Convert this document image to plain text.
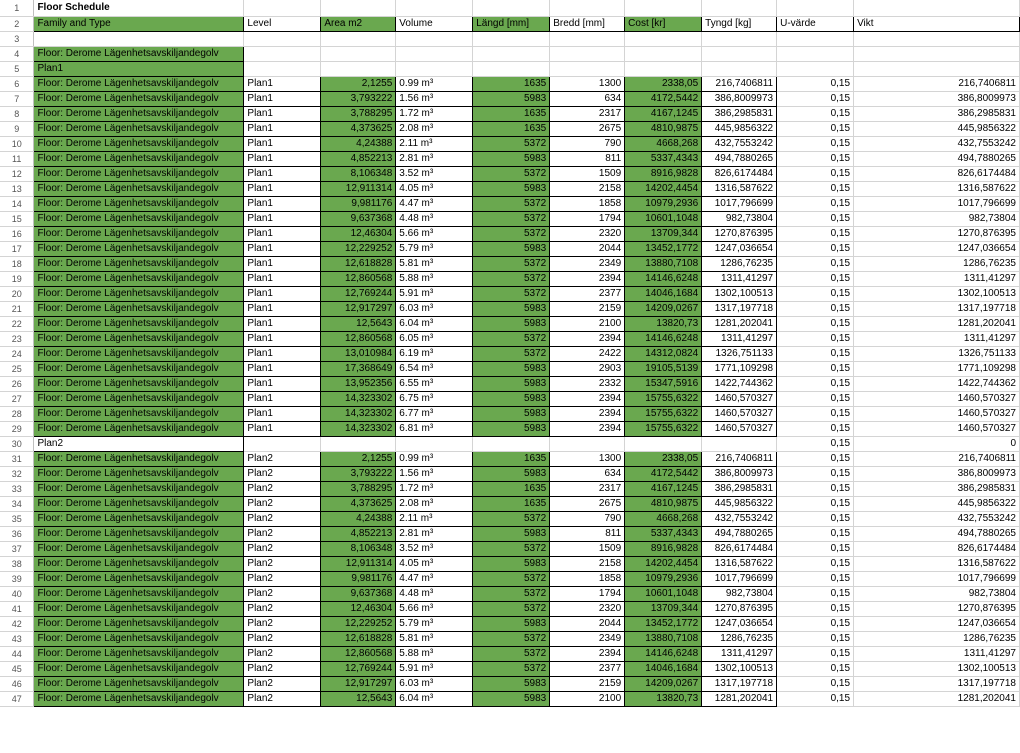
1	Floor Schedule									
2	Family and Type	Level	Area m2	Volume	Längd [mm]	Bredd [mm]	Cost [kr]	Tyngd [kg]	U-värde	Vikt
3										
4	Floor: Derome Lägenhetsavskiljandegolv									
5	Plan1									
6	Floor: Derome Lägenhetsavskiljandegolv	Plan1	2,1255	0.99 m³	1635	1300	2338,05	216,7406811	0,15	216,7406811
7	Floor: Derome Lägenhetsavskiljandegolv	Plan1	3,793222	1.56 m³	5983	634	4172,5442	386,8009973	0,15	386,8009973
8	Floor: Derome Lägenhetsavskiljandegolv	Plan1	3,788295	1.72 m³	1635	2317	4167,1245	386,2985831	0,15	386,2985831
9	Floor: Derome Lägenhetsavskiljandegolv	Plan1	4,373625	2.08 m³	1635	2675	4810,9875	445,9856322	0,15	445,9856322
10	Floor: Derome Lägenhetsavskiljandegolv	Plan1	4,24388	2.11 m³	5372	790	4668,268	432,7553242	0,15	432,7553242
11	Floor: Derome Lägenhetsavskiljandegolv	Plan1	4,852213	2.81 m³	5983	811	5337,4343	494,7880265	0,15	494,7880265
12	Floor: Derome Lägenhetsavskiljandegolv	Plan1	8,106348	3.52 m³	5372	1509	8916,9828	826,6174484	0,15	826,6174484
13	Floor: Derome Lägenhetsavskiljandegolv	Plan1	12,911314	4.05 m³	5983	2158	14202,4454	1316,587622	0,15	1316,587622
14	Floor: Derome Lägenhetsavskiljandegolv	Plan1	9,981176	4.47 m³	5372	1858	10979,2936	1017,796699	0,15	1017,796699
15	Floor: Derome Lägenhetsavskiljandegolv	Plan1	9,637368	4.48 m³	5372	1794	10601,1048	982,73804	0,15	982,73804
16	Floor: Derome Lägenhetsavskiljandegolv	Plan1	12,46304	5.66 m³	5372	2320	13709,344	1270,876395	0,15	1270,876395
17	Floor: Derome Lägenhetsavskiljandegolv	Plan1	12,229252	5.79 m³	5983	2044	13452,1772	1247,036654	0,15	1247,036654
18	Floor: Derome Lägenhetsavskiljandegolv	Plan1	12,618828	5.81 m³	5372	2349	13880,7108	1286,76235	0,15	1286,76235
19	Floor: Derome Lägenhetsavskiljandegolv	Plan1	12,860568	5.88 m³	5372	2394	14146,6248	1311,41297	0,15	1311,41297
20	Floor: Derome Lägenhetsavskiljandegolv	Plan1	12,769244	5.91 m³	5372	2377	14046,1684	1302,100513	0,15	1302,100513
21	Floor: Derome Lägenhetsavskiljandegolv	Plan1	12,917297	6.03 m³	5983	2159	14209,0267	1317,197718	0,15	1317,197718
22	Floor: Derome Lägenhetsavskiljandegolv	Plan1	12,5643	6.04 m³	5983	2100	13820,73	1281,202041	0,15	1281,202041
23	Floor: Derome Lägenhetsavskiljandegolv	Plan1	12,860568	6.05 m³	5372	2394	14146,6248	1311,41297	0,15	1311,41297
24	Floor: Derome Lägenhetsavskiljandegolv	Plan1	13,010984	6.19 m³	5372	2422	14312,0824	1326,751133	0,15	1326,751133
25	Floor: Derome Lägenhetsavskiljandegolv	Plan1	17,368649	6.54 m³	5983	2903	19105,5139	1771,109298	0,15	1771,109298
26	Floor: Derome Lägenhetsavskiljandegolv	Plan1	13,952356	6.55 m³	5983	2332	15347,5916	1422,744362	0,15	1422,744362
27	Floor: Derome Lägenhetsavskiljandegolv	Plan1	14,323302	6.75 m³	5983	2394	15755,6322	1460,570327	0,15	1460,570327
28	Floor: Derome Lägenhetsavskiljandegolv	Plan1	14,323302	6.77 m³	5983	2394	15755,6322	1460,570327	0,15	1460,570327
29	Floor: Derome Lägenhetsavskiljandegolv	Plan1	14,323302	6.81 m³	5983	2394	15755,6322	1460,570327	0,15	1460,570327
30	Plan2								0,15	0
31	Floor: Derome Lägenhetsavskiljandegolv	Plan2	2,1255	0.99 m³	1635	1300	2338,05	216,7406811	0,15	216,7406811
32	Floor: Derome Lägenhetsavskiljandegolv	Plan2	3,793222	1.56 m³	5983	634	4172,5442	386,8009973	0,15	386,8009973
33	Floor: Derome Lägenhetsavskiljandegolv	Plan2	3,788295	1.72 m³	1635	2317	4167,1245	386,2985831	0,15	386,2985831
34	Floor: Derome Lägenhetsavskiljandegolv	Plan2	4,373625	2.08 m³	1635	2675	4810,9875	445,9856322	0,15	445,9856322
35	Floor: Derome Lägenhetsavskiljandegolv	Plan2	4,24388	2.11 m³	5372	790	4668,268	432,7553242	0,15	432,7553242
36	Floor: Derome Lägenhetsavskiljandegolv	Plan2	4,852213	2.81 m³	5983	811	5337,4343	494,7880265	0,15	494,7880265
37	Floor: Derome Lägenhetsavskiljandegolv	Plan2	8,106348	3.52 m³	5372	1509	8916,9828	826,6174484	0,15	826,6174484
38	Floor: Derome Lägenhetsavskiljandegolv	Plan2	12,911314	4.05 m³	5983	2158	14202,4454	1316,587622	0,15	1316,587622
39	Floor: Derome Lägenhetsavskiljandegolv	Plan2	9,981176	4.47 m³	5372	1858	10979,2936	1017,796699	0,15	1017,796699
40	Floor: Derome Lägenhetsavskiljandegolv	Plan2	9,637368	4.48 m³	5372	1794	10601,1048	982,73804	0,15	982,73804
41	Floor: Derome Lägenhetsavskiljandegolv	Plan2	12,46304	5.66 m³	5372	2320	13709,344	1270,876395	0,15	1270,876395
42	Floor: Derome Lägenhetsavskiljandegolv	Plan2	12,229252	5.79 m³	5983	2044	13452,1772	1247,036654	0,15	1247,036654
43	Floor: Derome Lägenhetsavskiljandegolv	Plan2	12,618828	5.81 m³	5372	2349	13880,7108	1286,76235	0,15	1286,76235
44	Floor: Derome Lägenhetsavskiljandegolv	Plan2	12,860568	5.88 m³	5372	2394	14146,6248	1311,41297	0,15	1311,41297
45	Floor: Derome Lägenhetsavskiljandegolv	Plan2	12,769244	5.91 m³	5372	2377	14046,1684	1302,100513	0,15	1302,100513
46	Floor: Derome Lägenhetsavskiljandegolv	Plan2	12,917297	6.03 m³	5983	2159	14209,0267	1317,197718	0,15	1317,197718
47	Floor: Derome Lägenhetsavskiljandegolv	Plan2	12,5643	6.04 m³	5983	2100	13820,73	1281,202041	0,15	1281,202041
